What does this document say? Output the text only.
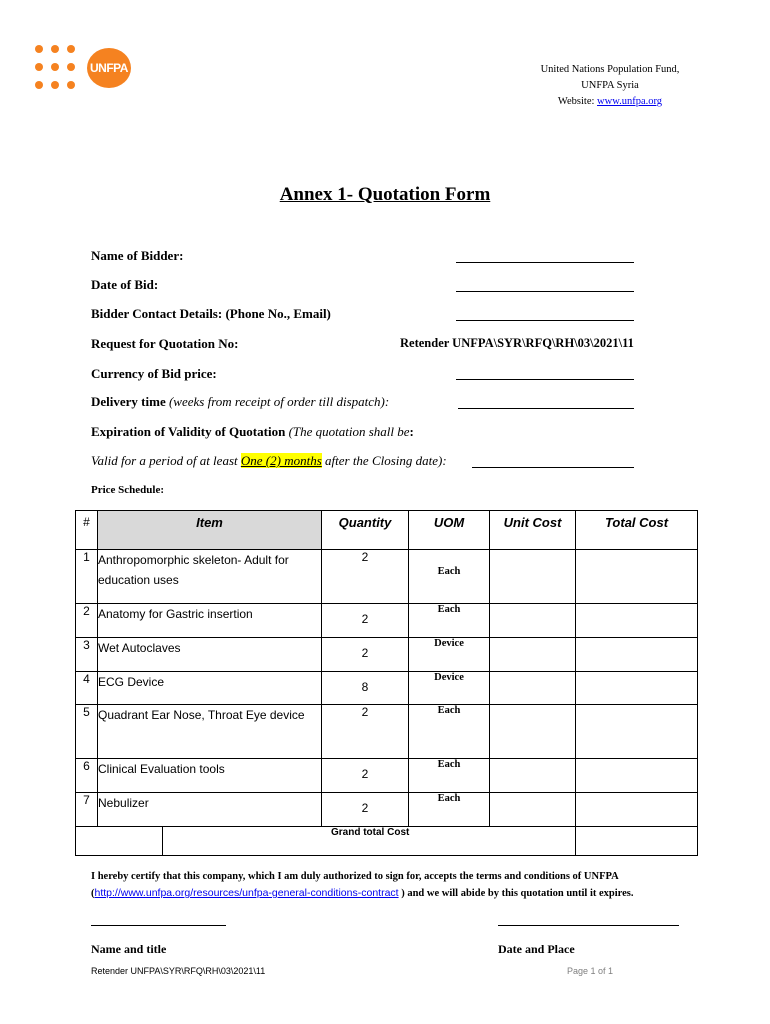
UNFPA	United Nations Population Fund,
UNFPA Syria
Website: www.unfpa.org
Annex 1- Quotation Form
Name of Bidder:
Date of Bid:
Bidder Contact Details: (Phone No., Email)
Request for Quotation No:	Retender UNFPA\SYR\RFQ\RH\03\2021\11
Currency of Bid price:
Delivery time (weeks from receipt of order till dispatch):
Expiration of Validity of Quotation (The quotation shall be:
Valid for a period of at least One (2) months after the Closing date):
Price Schedule:
#	Item		Quantity	UOM	Unit Cost	Total Cost
1	Anthropomorphic skeleton- Adult for education uses		2	Each		
2	Anatomy for Gastric insertion		2	Each		
3	Wet Autoclaves		2	Device		
4	ECG Device		8	Device		
5	Quadrant Ear Nose, Throat Eye device		2	Each		
6	Clinical Evaluation tools		2	Each		
7	Nebulizer		2	Each		
		Grand total Cost				
I hereby certify that this company, which I am duly authorized to sign for, accepts the terms and conditions of UNFPA (http://www.unfpa.org/resources/unfpa-general-conditions-contract ) and we will abide by this quotation until it expires.
Name and title	Date and Place
Retender UNFPA\SYR\RFQ\RH\03\2021\11	Page 1 of 1
